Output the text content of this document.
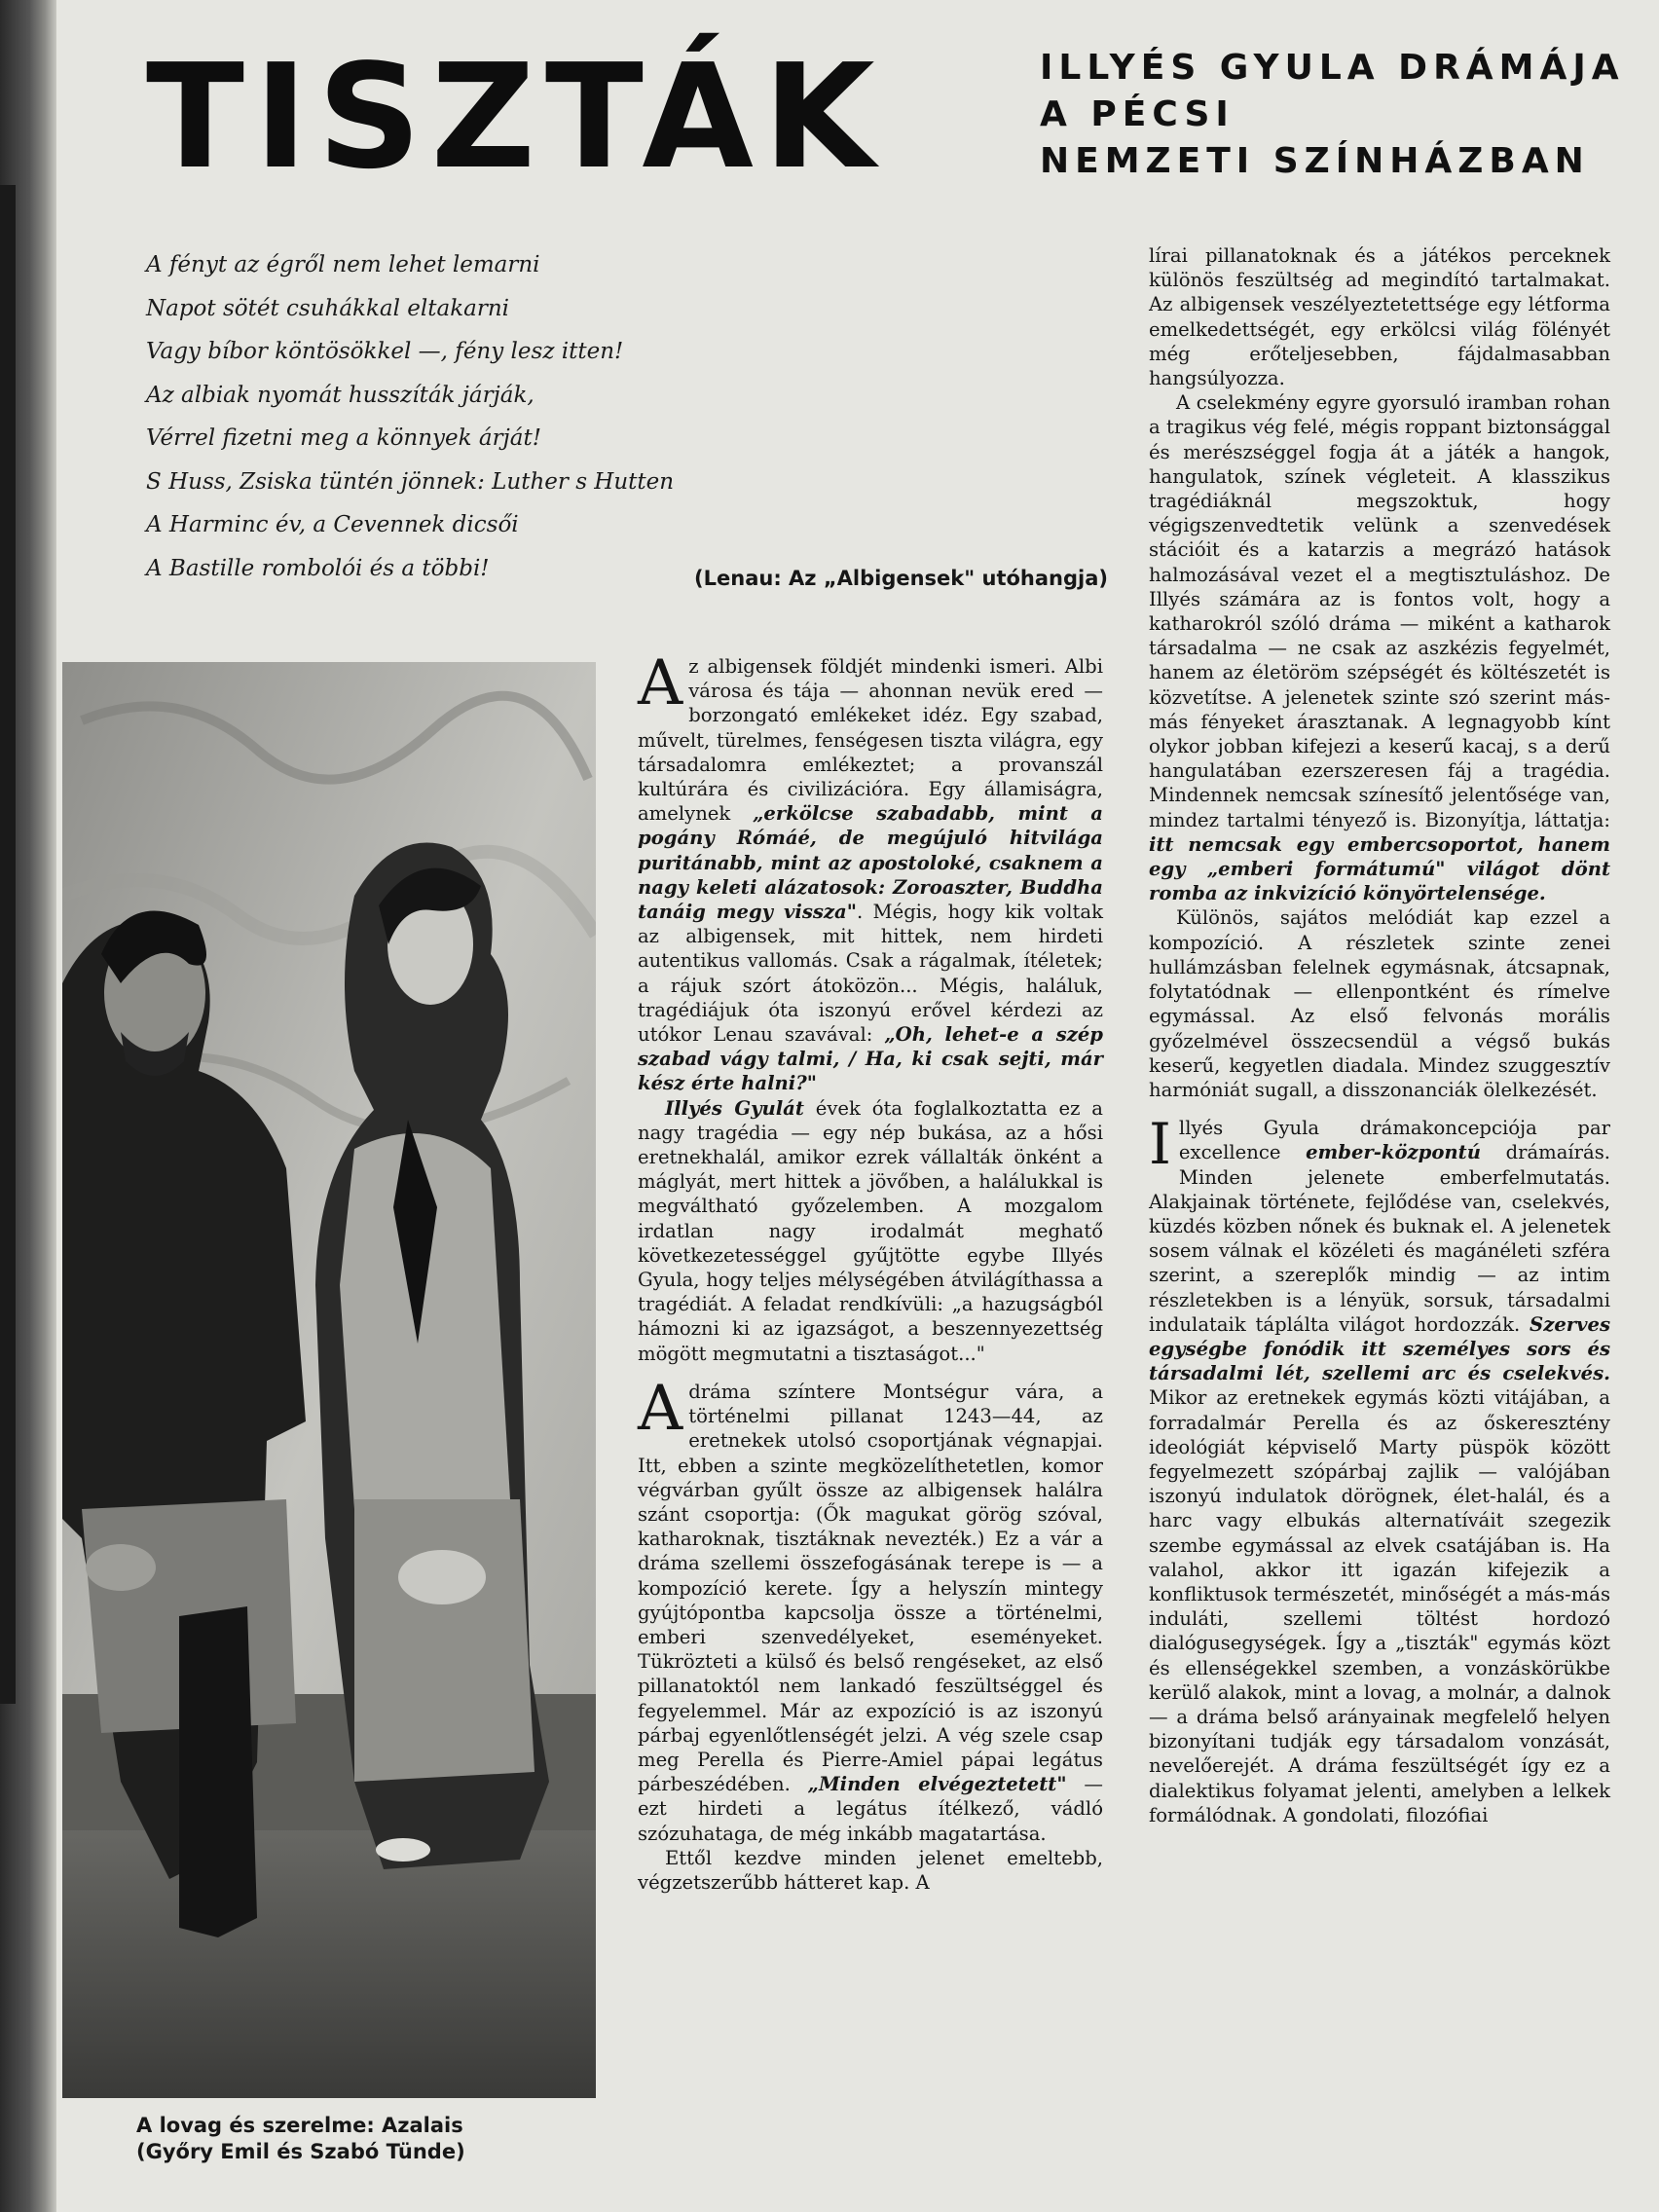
TISZTÁK	ILLYÉS GYULA DRÁMÁJA
A PÉCSI
NEMZETI SZÍNHÁZBAN
A fényt az égről nem lehet lemarni
Napot sötét csuhákkal eltakarni
Vagy bíbor köntösökkel —, fény lesz itten!
Az albiak nyomát husszíták járják,
Vérrel fizetni meg a könnyek árját!
S Huss, Zsiska tüntén jönnek: Luther s Hutten
A Harminc év, a Cevennek dicsői
A Bastille rombolói és a többi!	(Lenau: Az „Albigensek" utóhangja)
A lovag és szerelme: Azalais
(Győry Emil és Szabó Tünde)

Az albigensek földjét mindenki ismeri. Albi városa és tája — ahonnan nevük ered — borzongató emlékeket idéz. Egy szabad, művelt, türelmes, fenségesen tiszta világra, egy társadalomra emlékeztet; a provanszál kultúrára és civilizációra. Egy államiságra, amelynek „erkölcse szabadabb, mint a pogány Rómáé, de megújuló hitvilága puritánabb, mint az apostoloké, csaknem a nagy keleti alázatosok: Zoroaszter, Buddha tanáig megy vissza". Mégis, hogy kik voltak az albigensek, mit hittek, nem hirdeti autentikus vallomás. Csak a rágalmak, ítéletek; a rájuk szórt átoközön... Mégis, haláluk, tragédiájuk óta iszonyú erővel kérdezi az utókor Lenau szavával: „Oh, lehet-e a szép szabad vágy talmi, / Ha, ki csak sejti, már kész érte halni?"

Illyés Gyulát évek óta foglalkoztatta ez a nagy tragédia — egy nép bukása, az a hősi eretnekhalál, amikor ezrek vállalták önként a máglyát, mert hittek a jövőben, a halálukkal is megváltható győzelemben. A mozgalom irdatlan nagy irodalmát meghatő következetességgel gyűjtötte egybe Illyés Gyula, hogy teljes mélységében átvilágíthassa a tragédiát. A feladat rendkívüli: „a hazugságból hámozni ki az igazságot, a beszennyezettség mögött megmutatni a tisztaságot..."

Adráma színtere Montségur vára, a történelmi pillanat 1243—44, az eretnekek utolsó csoportjának végnapjai. Itt, ebben a szinte megközelíthetetlen, komor végvárban gyűlt össze az albigensek halálra szánt csoportja: (Ők magukat görög szóval, katharoknak, tisztáknak nevezték.) Ez a vár a dráma szellemi összefogásának terepe is — a kompozíció kerete. Így a helyszín mintegy gyújtópontba kapcsolja össze a történelmi, emberi szenvedélyeket, eseményeket. Tükrözteti a külső és belső rengéseket, az első pillanatoktól nem lankadó feszültséggel és fegyelemmel. Már az expozíció is az iszonyú párbaj egyenlőtlenségét jelzi. A vég szele csap meg Perella és Pierre-Amiel pápai legátus párbeszédében. „Minden elvégeztetett" — ezt hirdeti a legátus ítélkező, vádló szózuhataga, de még inkább magatartása.

Ettől kezdve minden jelenet emeltebb, végzetszerűbb hátteret kap. A

lírai pillanatoknak és a játékos perceknek különös feszültség ad megindító tartalmakat. Az albigensek veszélyeztetettsége egy létforma emelkedettségét, egy erkölcsi világ fölényét még erőteljesebben, fájdalmasabban hangsúlyozza.

A cselekmény egyre gyorsuló iramban rohan a tragikus vég felé, mégis roppant biztonsággal és merészséggel fogja át a játék a hangok, hangulatok, színek végleteit. A klasszikus tragédiáknál megszoktuk, hogy végigszenvedtetik velünk a szenvedések stációit és a katarzis a megrázó hatások halmozásával vezet el a megtisztuláshoz. De Illyés számára az is fontos volt, hogy a katharokról szóló dráma — miként a katharok társadalma — ne csak az aszkézis fegyelmét, hanem az életöröm szépségét és költészetét is közvetítse. A jelenetek szinte szó szerint más-más fényeket árasztanak. A legnagyobb kínt olykor jobban kifejezi a keserű kacaj, s a derű hangulatában ezerszeresen fáj a tragédia. Mindennek nemcsak színesítő jelentősége van, mindez tartalmi tényező is. Bizonyítja, láttatja: itt nemcsak egy embercsoportot, hanem egy „emberi formátumú" világot dönt romba az inkvizíció könyörtelensége.

Különös, sajátos melódiát kap ezzel a kompozíció. A részletek szinte zenei hullámzásban felelnek egymásnak, átcsapnak, folytatódnak — ellenpontként és rímelve egymással. Az első felvonás morális győzelmével összecsendül a végső bukás keserű, kegyetlen diadala. Mindez szuggesztív harmóniát sugall, a disszonanciák ölelkezését.

Illyés Gyula drámakoncepciója par excellence ember-központú drámaírás. Minden jelenete emberfelmutatás. Alakjainak története, fejlődése van, cselekvés, küzdés közben nőnek és buknak el. A jelenetek sosem válnak el közéleti és magánéleti szféra szerint, a szereplők mindig — az intim részletekben is a lényük, sorsuk, társadalmi indulataik táplálta világot hordozzák. Szerves egységbe fonódik itt személyes sors és társadalmi lét, szellemi arc és cselekvés. Mikor az eretnekek egymás közti vitájában, a forradalmár Perella és az őskeresztény ideológiát képviselő Marty püspök között fegyelmezett szópárbaj zajlik — valójában iszonyú indulatok dörögnek, élet-halál, és a harc vagy elbukás alternatíváit szegezik szembe egymással az elvek csatájában is. Ha valahol, akkor itt igazán kifejezik a konfliktusok természetét, minőségét a más-más induláti, szellemi töltést hordozó dialógusegységek. Így a „tiszták" egymás közt és ellenségekkel szemben, a vonzáskörükbe kerülő alakok, mint a lovag, a molnár, a dalnok — a dráma belső arányainak megfelelő helyen bizonyítani tudják egy társadalom vonzását, nevelőerejét. A dráma feszültségét így ez a dialektikus folyamat jelenti, amelyben a lelkek formálódnak. A gondolati, filozófiai
